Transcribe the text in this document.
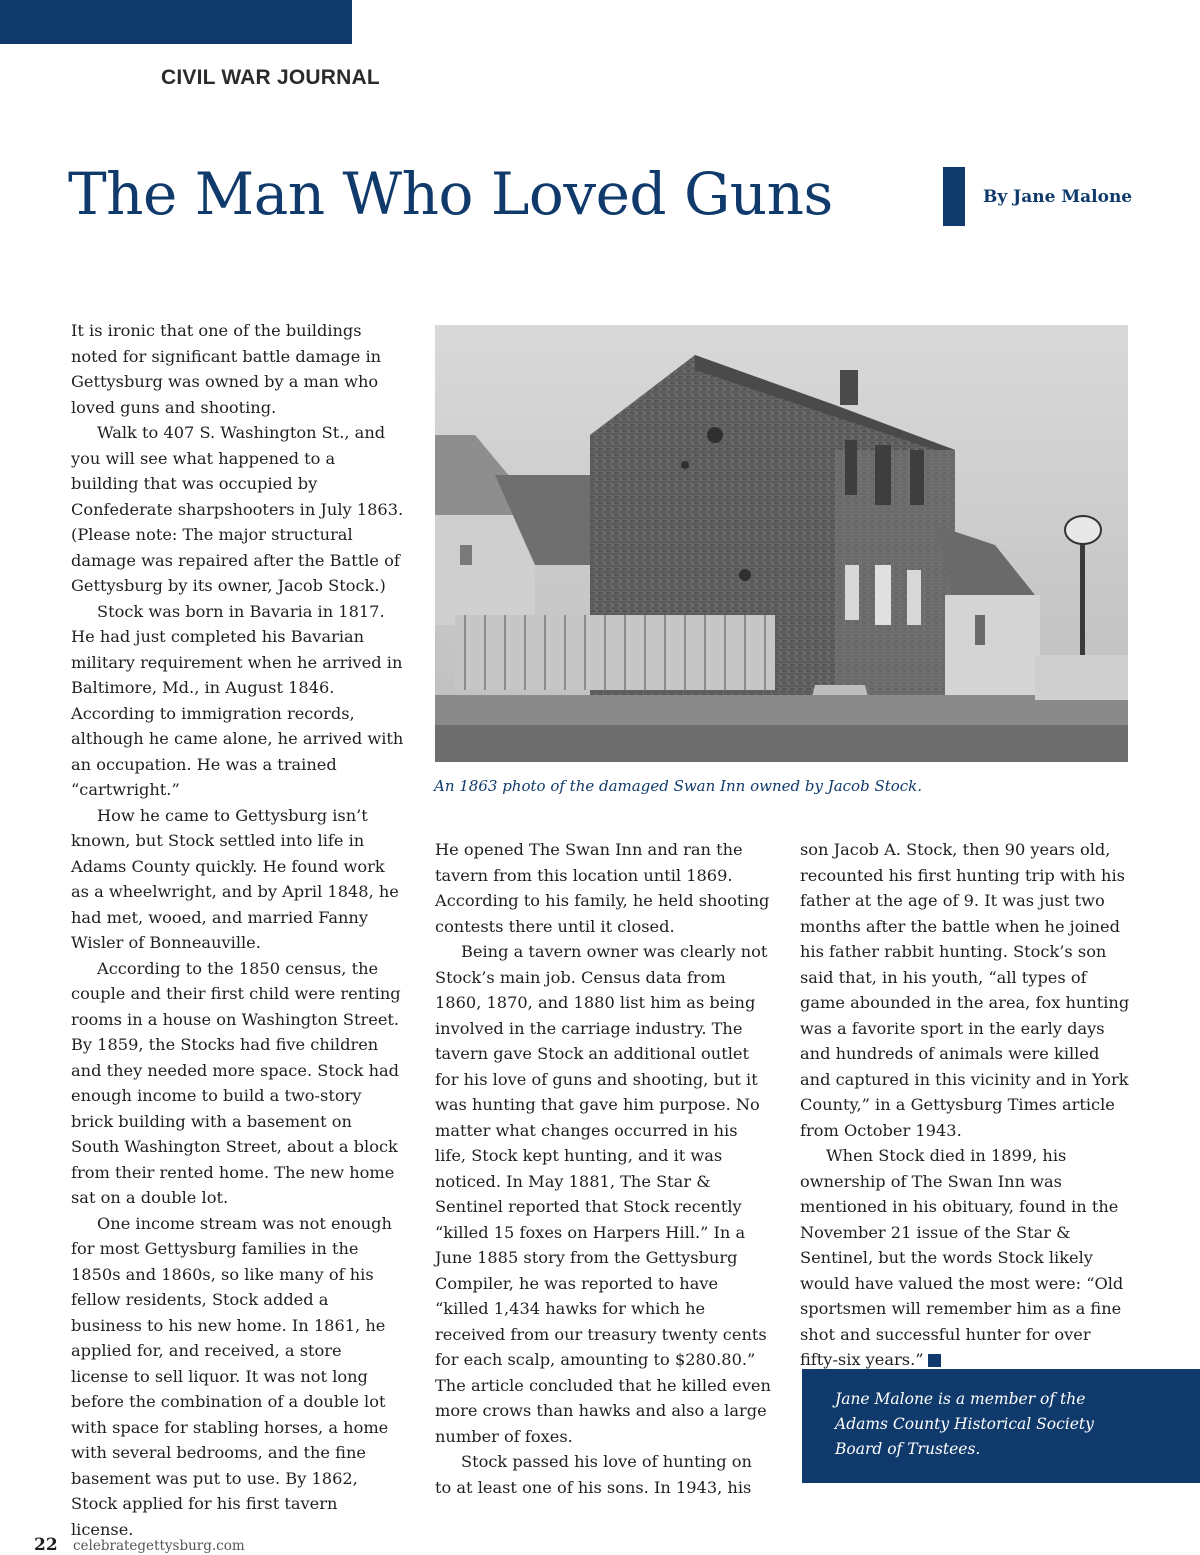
CIVIL WAR JOURNAL
The Man Who Loved Guns	By Jane Malone

It is ironic that one of the buildings noted for significant battle damage in Gettysburg was owned by a man who loved guns and shooting.

Walk to 407 S. Washington St., and you will see what happened to a building that was occupied by Confederate sharpshooters in July 1863. (Please note: The major structural damage was repaired after the Battle of Gettysburg by its owner, Jacob Stock.)

Stock was born in Bavaria in 1817. He had just completed his Bavarian military requirement when he arrived in Baltimore, Md., in August 1846. According to immigration records, although he came alone, he arrived with an occupation. He was a trained “cartwright.”

How he came to Gettysburg isn’t known, but Stock settled into life in Adams County quickly. He found work as a wheelwright, and by April 1848, he had met, wooed, and married Fanny Wisler of Bonneauville.

According to the 1850 census, the couple and their first child were renting rooms in a house on Washington Street. By 1859, the Stocks had five children and they needed more space. Stock had enough income to build a two-story brick building with a basement on South Washington Street, about a block from their rented home. The new home sat on a double lot.

One income stream was not enough for most Gettysburg families in the 1850s and 1860s, so like many of his fellow residents, Stock added a business to his new home. In 1861, he applied for, and received, a store license to sell liquor. It was not long before the combination of a double lot with space for stabling horses, a home with several bedrooms, and the fine basement was put to use. By 1862, Stock applied for his first tavern license.

An 1863 photo of the damaged Swan Inn owned by Jacob Stock.

He opened The Swan Inn and ran the tavern from this location until 1869. According to his family, he held shooting contests there until it closed.

Being a tavern owner was clearly not Stock’s main job. Census data from 1860, 1870, and 1880 list him as being involved in the carriage industry. The tavern gave Stock an additional outlet for his love of guns and shooting, but it was hunting that gave him purpose. No matter what changes occurred in his life, Stock kept hunting, and it was noticed. In May 1881, The Star & Sentinel reported that Stock recently “killed 15 foxes on Harpers Hill.” In a June 1885 story from the Gettysburg Compiler, he was reported to have “killed 1,434 hawks for which he received from our treasury twenty cents for each scalp, amounting to $280.80.” The article concluded that he killed even more crows than hawks and also a large number of foxes.

Stock passed his love of hunting on to at least one of his sons. In 1943, his

son Jacob A. Stock, then 90 years old, recounted his first hunting trip with his father at the age of 9. It was just two months after the battle when he joined his father rabbit hunting. Stock’s son said that, in his youth, “all types of game abounded in the area, fox hunting was a favorite sport in the early days and hundreds of animals were killed and captured in this vicinity and in York County,” in a Gettysburg Times article from October 1943.

When Stock died in 1899, his ownership of The Swan Inn was mentioned in his obituary, found in the November 21 issue of the Star & Sentinel, but the words Stock likely would have valued the most were: “Old sportsmen will remember him as a fine shot and successful hunter for over fifty-six years.”	G

Jane Malone is a member of the Adams County Historical Society Board of Trustees.
22 celebrategettysburg.com
